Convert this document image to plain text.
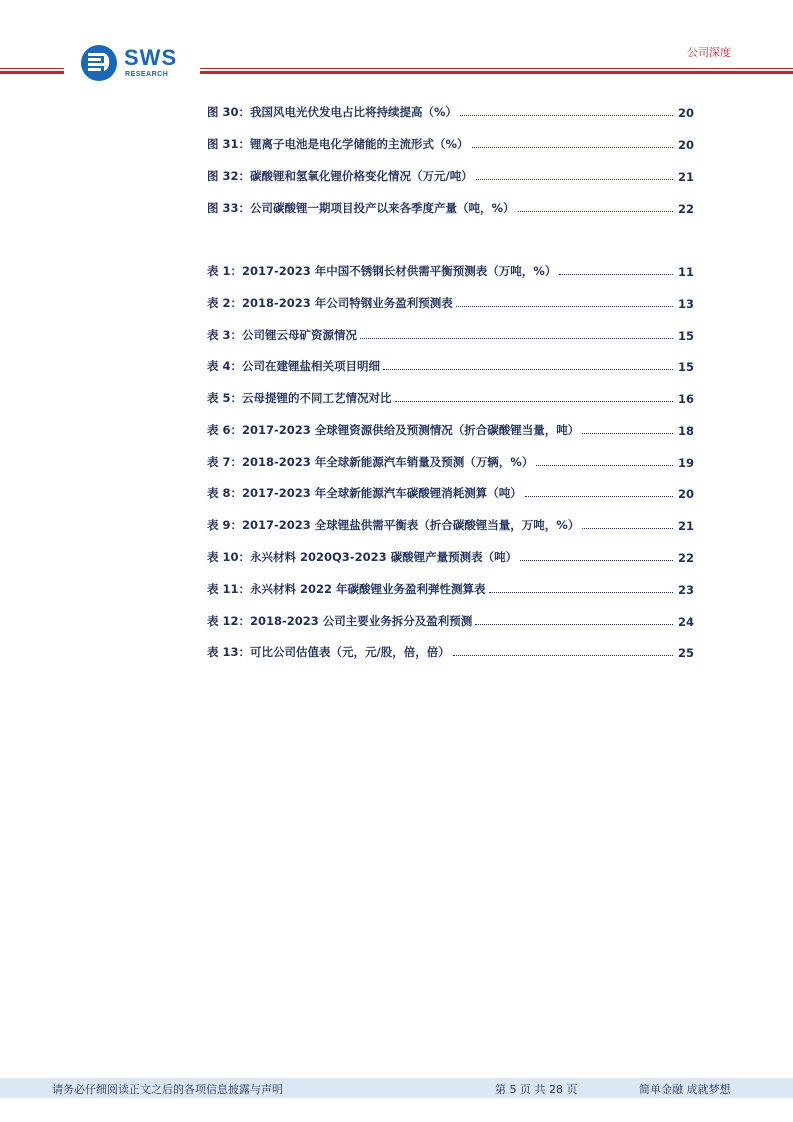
SWS
RESEARCH
公司深度
图 30：我国风电光伏发电占比将持续提高（%）	20
图 31：锂离子电池是电化学储能的主流形式（%）	20
图 32：碳酸锂和氢氧化锂价格变化情况（万元/吨）	21
图 33：公司碳酸锂一期项目投产以来各季度产量（吨，%）	22
表 1：2017-2023 年中国不锈钢长材供需平衡预测表（万吨，%）	11
表 2：2018-2023 年公司特钢业务盈利预测表	13
表 3：公司锂云母矿资源情况	15
表 4：公司在建锂盐相关项目明细	15
表 5：云母提锂的不同工艺情况对比	16
表 6：2017-2023 全球锂资源供给及预测情况（折合碳酸锂当量，吨）	18
表 7：2018-2023 年全球新能源汽车销量及预测（万辆，%）	19
表 8：2017-2023 年全球新能源汽车碳酸锂消耗测算（吨）	20
表 9：2017-2023 全球锂盐供需平衡表（折合碳酸锂当量，万吨，%）	21
表 10：永兴材料 2020Q3-2023 碳酸锂产量预测表（吨）	22
表 11：永兴材料 2022 年碳酸锂业务盈利弹性测算表	23
表 12：2018-2023 公司主要业务拆分及盈利预测	24
表 13：可比公司估值表（元，元/股，倍，倍）	25
请务必仔细阅读正文之后的各项信息披露与声明	第 5 页 共 28 页	简单金融 成就梦想
